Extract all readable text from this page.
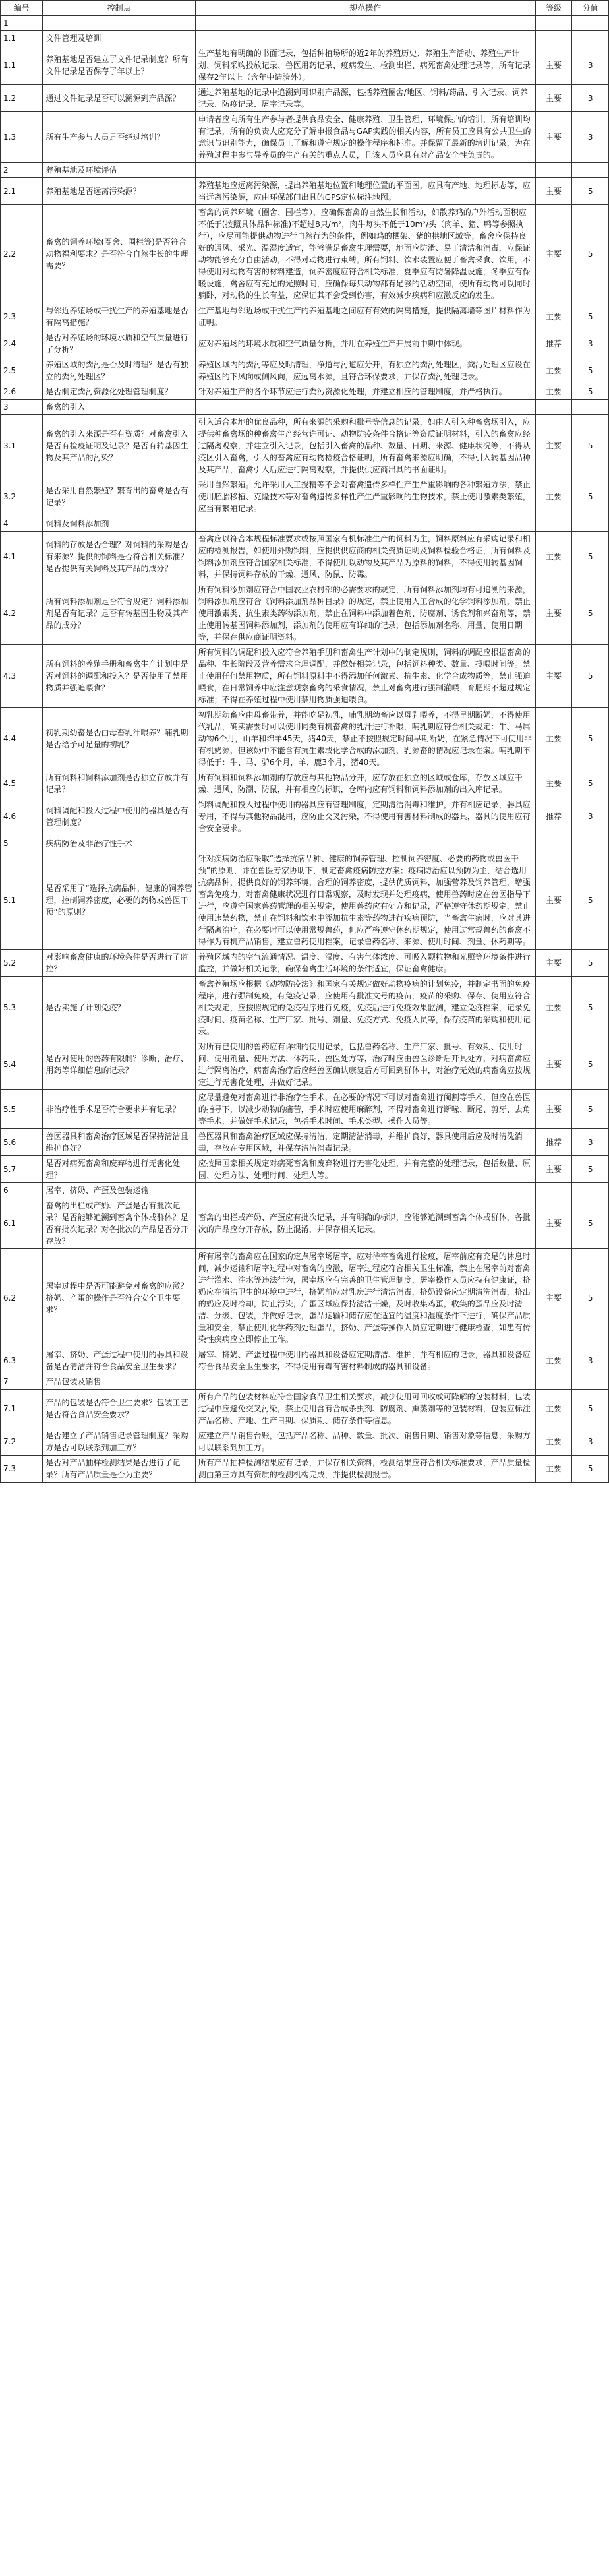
编号	控制点	规范操作	等级	分值
1				
1.1	文件管理及培训			
1.1	养殖基地是否建立了文件记录制度？所有文件记录是否保存了年以上？	生产基地有明确的书面记录，包括种植场所的近2年的养殖历史、养殖生产活动、养殖生产计划、饲料采购投放记录、兽医用药记录、疫病发生、检测出栏、病死畜禽处理记录等，所有记录保存2年以上（含年中请验外）。	主要	3
1.2	通过文件记录是否可以溯源到产品源？	通过养殖基地的记录中追溯到可识别产品源，包括养殖圈舍/地区、饲料/药品、引入记录、饲养记录、防疫记录、屠宰记录等。	主要	3
1.3	所有生产参与人员是否经过培训？	申请者应向所有生产参与者提供食品安全、健康养殖、卫生管理、环境保护的培训，所有培训均有记录，所有的负责人应充分了解申报食品与GAP实践的相关内容，所有员工应具有公共卫生的意识与识别能力，确保员工了解和遵守规定的操作程序和标准。并保留了最新的培训记录，为在养殖过程中参与导养员的生产有关的重点人员，且该人员应具有对产品安全性负责的。	主要	3
2	养殖基地及环境评估			
2.1	养殖基地是否远离污染源？	养殖基地应远离污染源，提出养殖基地位置和地理位置的平面图，应具有产地、地理标志等，应当远离污染源，应由环保部门出具的GPS定位标注地图。	主要	5
2.2	畜禽的饲养环境(圈舍、围栏等)是否符合动物福利要求？是否符合自然生长的生理需要？	畜禽的饲养环境（圈舍、围栏等），应确保畜禽的自然生长和活动，如散养鸡的户外活动面积应不低于(按照具体品种标准)不超过8只/m²，肉牛每头不低于10m²/头（肉羊、猪、鸭等参照执行），应尽可能提供动物进行自然行为的条件，例如鸡的栖架、猪的拱地区域等；畜舍应保持良好的通风、采光、温湿度适宜，能够满足畜禽生理需要，地面应防滑、易于清洁和消毒，应保证动物能够充分自由活动，不得对动物进行束缚。所有饲料、饮水装置应便于畜禽采食、饮用，不得使用对动物有害的材料建造，饲养密度应符合相关标准，夏季应有防暑降温设施，冬季应有保暖设施，禽舍应有充足的光照时间，应确保每只动物都有足够的活动空间，使所有动物可以同时躺卧，对动物的生长有益，应保证其不会受到伤害，有效减少疾病和应激反应的发生。	主要	5
2.3	与邻近养殖场或干扰生产的养殖基地是否有隔离措施？	生产基地与邻近场或干扰生产的养殖基地之间应有有效的隔离措施，提供隔离墙等图片材料作为证明。	主要	5
2.4	是否对养殖场的环境水质和空气质量进行了分析？	应对养殖场的环境水质和空气质量分析，并用在养殖生产开展前中期中体现。	推荐	3
2.5	养殖区域的粪污是否及时清理？是否有独立的粪污处理区？	养殖区域内的粪污等应及时清理，净道与污道应分开，有独立的粪污处理区，粪污处理区应设在养殖区的下风向或侧风向，应远离水源，且符合环保要求，并保存粪污处理记录。	主要	5
2.6	是否制定粪污资源化处理管理制度？	针对养殖生产的各个环节应进行粪污资源化处理，并建立相应的管理制度，并严格执行。	主要	5
3	畜禽的引入			
3.1	畜禽的引入来源是否有资质？对畜禽引入是否有检疫证明及记录？是否有转基因生物及其产品的污染？	引入适合本地的优良品种，所有来源的采购和批号等信息的记录，如由人引入种畜禽场引入，应提供种畜禽场的种畜禽生产经营许可证、动物防疫条件合格证等资质证明材料，引入的畜禽应经过隔离观察，并建立引入记录，包括引入畜禽的品种、数量、日期、来源、健康状况等，不得从疫区引入畜禽，引入的畜禽应有动物检疫合格证明，所有畜禽来源应明确，不得引入转基因品种及其产品，畜禽引入后应进行隔离观察，并提供供应商出具的书面证明。	主要	5
3.2	是否采用自然繁殖？繁育出的畜禽是否有记录？	采用自然繁殖。允许采用人工授精等不会对畜禽遗传多样性产生严重影响的各种繁殖方法，禁止使用胚胎移植、克隆技术等对畜禽遗传多样性产生严重影响的生物技术，禁止使用激素类繁殖，应当有繁殖记录。	主要	5
4	饲料及饲料添加剂			
4.1	饲料的存放是否合理？对饲料的采购是否有来源？提供的饲料是否符合相关标准？是否提供有关饲料及其产品的成分？	畜禽应以符合本规程标准要求或按照国家有机标准生产的饲料为主，饲料原料应有采购记录和相应的检测报告，如使用外购饲料，应提供供应商的相关资质证明及饲料检验合格证，所有饲料及饲料添加剂应符合国家相关标准，不得使用以动物及其产品为原料的饲料，不得使用转基因饲料，并保持饲料存放的干燥、通风、防鼠、防霉。	主要	5
4.2	所有饲料添加剂是否符合规定？饲料添加剂是否有记录？是否有转基因生物及其产品的成分？	所有饲料添加剂应符合中国农业农村部的必需要求的规定，所有饲料添加剂均有可追溯的来源，饲料添加剂应符合《饲料添加剂品种目录》的规定，禁止使用人工合成的化学饲料添加剂，禁止使用激素类、抗生素类药物添加剂，禁止在饲料中添加着色剂、防腐剂、诱食剂和兴奋剂等，禁止使用转基因饲料添加剂，添加剂的使用应有详细的记录，包括添加剂名称、用量、使用日期等，并保存供应商证明资料。	主要	5
4.3	所有饲料的养殖手册和畜禽生产计划中是否对饲料的调配和投入？是否使用了禁用物质并强追喂食？	所有饲料的调配和投入应符合养殖手册和畜禽生产计划中的制定规则，饲料的调配应根据畜禽的品种、生长阶段及营养需求合理调配，并做好相关记录，包括饲料种类、数量、投喂时间等。禁止使用任何禁用物质，所有饲料原料中不得添加任何激素、抗生素、化学合成物质等，禁止强迫喂食，在日常饲养中应注意观察畜禽的采食情况，禁止对畜禽进行强制灌喂；育肥期不超过规定标准；不得在养殖过程中使用禁用物质强迫喂食。	主要	5
4.4	初乳期幼畜是否由母畜乳汁喂养？哺乳期是否给予可足量的初乳？	初乳期幼畜应由母畜带养，并能吃足初乳，哺乳期幼畜应以母乳喂养，不得早期断奶，不得使用代乳品，确实需要时可以使用同类有机畜禽的乳汁进行补喂，哺乳期应符合相关规定：牛、马属动物6个月，山羊和绵羊45天，猪40天，禁止不按照规定时间早期断奶，在紧急情况下可使用非有机奶源，但该奶中不能含有抗生素或化学合成的添加剂，乳源畜的情况应记录在案。哺乳期不得低于：牛、马、驴6个月，羊、鹿3个月，猪40天。	主要	5
4.5	所有饲料和饲料添加剂是否独立存放并有记录？	所有饲料和饲料添加剂的存放应与其他物品分开，应存放在独立的区域或仓库，存放区域应干燥、通风、防潮、防鼠，并有相应的标识，仓库内应有饲料和饲料添加剂的出入库记录。	主要	5
4.6	饲料调配和投入过程中使用的器具是否有管理制度？	饲料调配和投入过程中使用的器具应有管理制度，定期清洁消毒和维护，并有相应记录，器具应专用，不得与其他物品混用，应防止交叉污染，不得使用有害材料制成的器具，器具的使用应符合安全要求。	推荐	3
5	疾病防治及非治疗性手术			
5.1	是否采用了“选择抗病品种，健康的饲养管理，控制饲养密度，必要的药物或兽医干预”的原则？	针对疾病防治应采取“选择抗病品种、健康的饲养管理、控制饲养密度、必要的药物或兽医干预”的原则，并在兽医专家协助下，制定畜禽疫病防控方案；疫病防治应以预防为主，结合选用抗病品种，提供良好的饲养环境，合理的饲养密度，提供优质饲料，加强营养及饲养管理，增强畜禽免疫力，对畜禽健康状况进行日常观察，及时发现并处理疫病，使用兽药时应在兽医指导下进行，应遵守国家兽药管理的相关规定，使用兽药应有处方和记录，严格遵守休药期规定，禁止使用违禁药物，禁止在饲料和饮水中添加抗生素等药物进行疾病预防，当畜禽生病时，应对其进行隔离治疗，在必要时可以使用常规兽药，但应严格遵守休药期规定，使用过常规兽药的畜禽不得作为有机产品销售，建立兽药使用档案，记录兽药名称、来源、使用时间、剂量、休药期等。	主要	5
5.2	对影响畜禽健康的环境条件是否进行了监控？	养殖区域内的空气流通情况、温度、湿度、有害气体浓度、可吸入颗粒物和光照等环境条件进行监控，并做好相关记录，确保畜禽生活环境的条件适宜，保证畜禽健康。	主要	5
5.3	是否实施了计划免疫？	畜禽养殖场应根据《动物防疫法》和国家有关规定做好动物疫病的计划免疫，并制定书面的免疫程序，进行强制免疫，有免疫记录，应使用有批准文号的疫苗，疫苗的采购、保存、使用应符合相关规定，应按照规定的免疫程序进行免疫，免疫后进行免疫效果监测，建立免疫档案，记录免疫时间、疫苗名称、生产厂家、批号、剂量、免疫方式、免疫人员等，保存疫苗的采购和使用记录。	主要	5
5.4	是否对使用的兽药有限制？诊断、治疗、用药等详细信息的记录？	对所有已使用的兽药应有详细的使用记录，包括兽药名称、生产厂家、批号、有效期、使用时间、使用剂量、使用方法、休药期、兽医处方等，治疗时应由兽医诊断后开具处方，对病畜禽应进行隔离治疗，病畜禽治疗后应经兽医确认康复后方可回到群体中，对治疗无效的病畜禽应按规定进行无害化处理，并做好记录。	主要	5
5.5	非治疗性手术是否符合要求并有记录？	应尽量避免对畜禽进行非治疗性手术，在必要的情况下可以对畜禽进行阉割等手术，但应在兽医的指导下，以减少动物的痛苦，手术时应使用麻醉剂，不得对畜禽进行断喙、断尾、剪牙、去角等手术，并做好手术记录，包括手术时间、手术类型、操作人员等。	主要	5
5.6	兽医器具和畜禽治疗区域是否保持清洁且维护良好？	兽医器具和畜禽治疗区域应保持清洁，定期清洁消毒，并维护良好，器具使用后应及时清洗消毒，存放在专用区域，并保存清洁消毒记录。	推荐	3
5.7	是否对病死畜禽和废弃物进行无害化处理？	应按照国家相关规定对病死畜禽和废弃物进行无害化处理，并有完整的处理记录，包括数量、原因、处理方法、处理时间、处理人等。	主要	5
6	屠宰、挤奶、产蛋及包装运输			
6.1	畜禽的出栏或产奶、产蛋是否有批次记录？是否能够追溯到畜禽个体或群体？是否有批次记录？对各批次的产品是否分开存放？	畜禽的出栏或产奶、产蛋应有批次记录，并有明确的标识，应能够追溯到畜禽个体或群体，各批次的产品应分开存放，防止混淆，并保存相关记录。	主要	5
6.2	屠宰过程中是否可能避免对畜禽的应激？挤奶、产蛋的操作是否符合安全卫生要求？	所有屠宰的畜禽应在国家的定点屠宰场屠宰，应对待宰畜禽进行检疫，屠宰前应有充足的休息时间，减少运输和屠宰过程中对畜禽的应激，屠宰过程应符合相关卫生标准，禁止在屠宰前对畜禽进行灌水、注水等违法行为，屠宰场应有完善的卫生管理制度，屠宰操作人员应持有健康证，挤奶应在清洁卫生的环境中进行，挤奶前应对乳房进行清洁消毒，挤奶设备应定期清洗消毒，挤出的奶应及时冷却，防止污染，产蛋区域应保持清洁干燥，及时收集鸡蛋，收集的蛋品应及时清洁、分级、包装，并做好记录，蛋品运输和储存应在适宜的温度和湿度条件下进行，确保产品质量和安全，禁止使用化学药剂处理蛋品，挤奶、产蛋等操作人员应定期进行健康检查，如患有传染性疾病应立即停止工作。	主要	5
6.3	屠宰、挤奶、产蛋过程中使用的器具和设备是否清洁并符合食品安全卫生要求？	屠宰、挤奶、产蛋过程中使用的器具和设备应定期清洁、维护，并有相应的记录，器具和设备应符合食品安全卫生要求，不得使用有毒有害材料制成的器具和设备。	主要	3
7	产品包装及销售			
7.1	产品的包装是否符合卫生要求？包装工艺是否符合食品安全要求？	所有产品的包装材料应符合国家食品卫生相关要求，减少使用可回收或可降解的包装材料，包装过程中应避免交叉污染，禁止使用含有合成杀虫剂、防腐剂、熏蒸剂等的包装材料，包装应标注产品名称、产地、生产日期、保质期、储存条件等信息。	主要	5
7.2	是否建立了产品销售记录管理制度？采购方是否可以联系到加工方？	应建立产品销售台账，包括产品名称、品种、数量、批次、销售日期、销售对象等信息，采购方可以联系到加工方。	主要	3
7.3	是否对产品抽样检测结果是否进行了记录？所有产品质量是否为主要？	所有产品抽样检测结果应有记录，并保存相关资料，检测结果应符合相关标准要求，产品质量检测由第三方具有资质的检测机构完成，并提供检测报告。	主要	5
